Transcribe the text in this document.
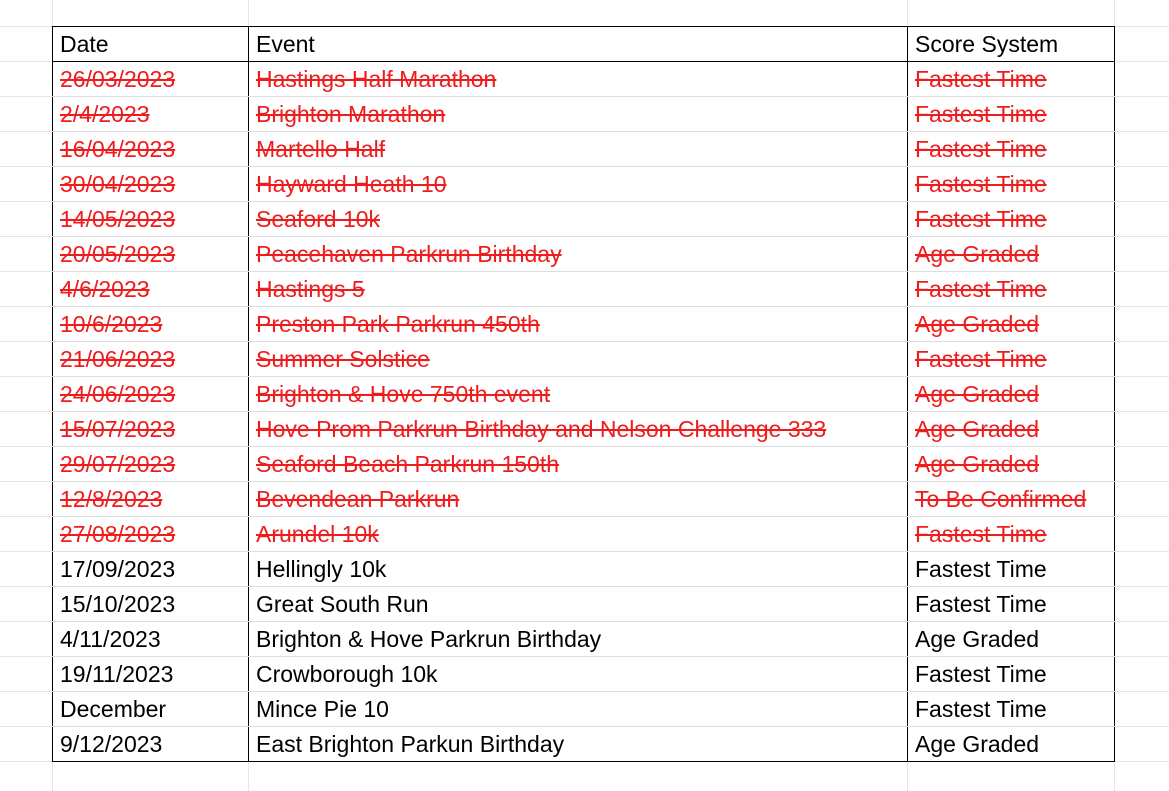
Date	Event	Score System
26/03/2023	Hastings Half Marathon	Fastest Time
2/4/2023	Brighton Marathon	Fastest Time
16/04/2023	Martello Half	Fastest Time
30/04/2023	Hayward Heath 10	Fastest Time
14/05/2023	Seaford 10k	Fastest Time
20/05/2023	Peacehaven Parkrun Birthday	Age Graded
4/6/2023	Hastings 5	Fastest Time
10/6/2023	Preston Park Parkrun 450th	Age Graded
21/06/2023	Summer Solstice	Fastest Time
24/06/2023	Brighton & Hove 750th event	Age Graded
15/07/2023	Hove Prom Parkrun Birthday and Nelson Challenge 333	Age Graded
29/07/2023	Seaford Beach Parkrun 150th	Age Graded
12/8/2023	Bevendean Parkrun	To Be Confirmed
27/08/2023	Arundel 10k	Fastest Time
17/09/2023	Hellingly 10k	Fastest Time
15/10/2023	Great South Run	Fastest Time
4/11/2023	Brighton & Hove Parkrun Birthday	Age Graded
19/11/2023	Crowborough 10k	Fastest Time
December	Mince Pie 10	Fastest Time
9/12/2023	East Brighton Parkun Birthday	Age Graded
